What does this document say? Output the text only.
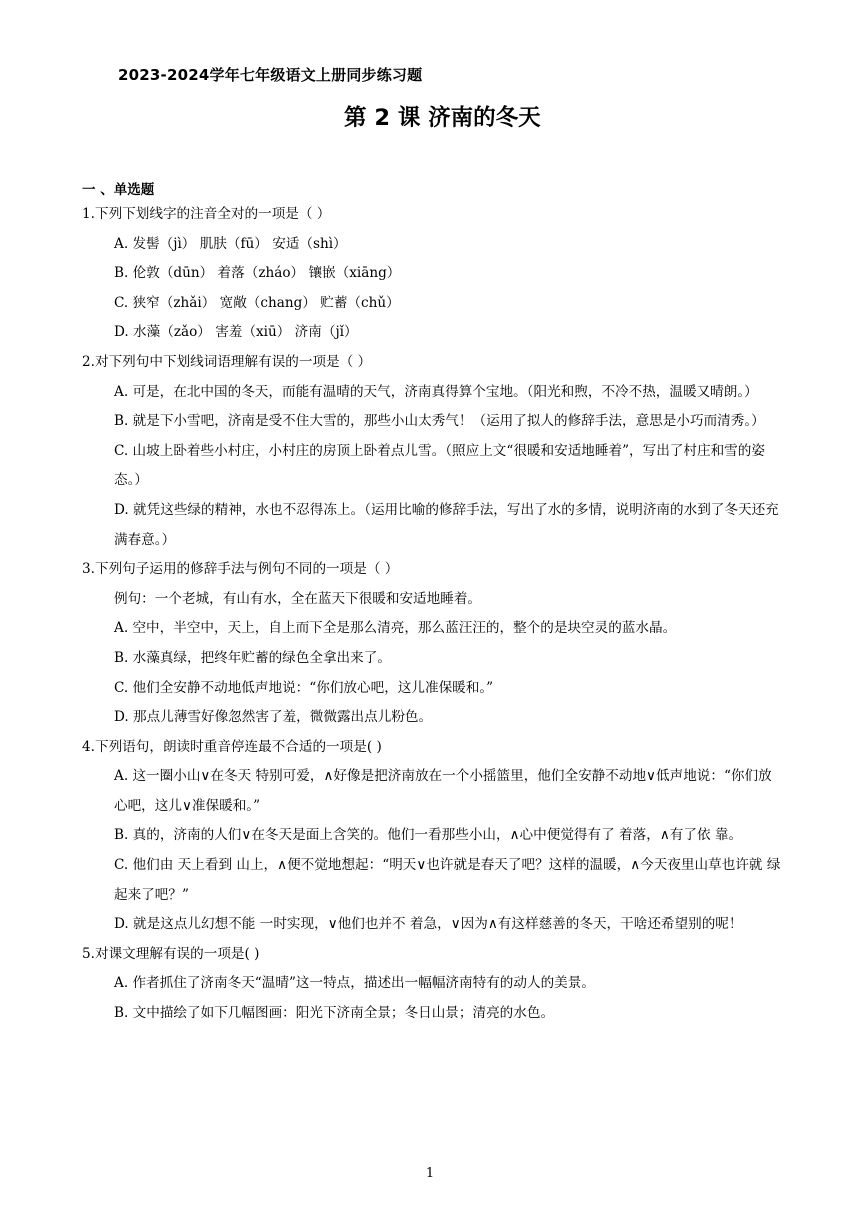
2023-2024学年七年级语文上册同步练习题
第 2 课 济南的冬天
一 、单选题
1.下列下划线字的注音全对的一项是（ ）
A. 发髻（jì） 肌肤（fū） 安适（shì）
B. 伦敦（dūn） 着落（zháo） 镶嵌（xiāng）
C. 狭窄（zhǎi） 宽敞（chang） 贮蓄（chǔ）
D. 水藻（zǎo） 害羞（xiū） 济南（jǐ）
2.对下列句中下划线词语理解有误的一项是（ ）
A. 可是，在北中国的冬天，而能有温晴的天气，济南真得算个宝地。（阳光和煦，不冷不热，温暖又晴朗。）
B. 就是下小雪吧，济南是受不住大雪的，那些小山太秀气！（运用了拟人的修辞手法，意思是小巧而清秀。）
C. 山坡上卧着些小村庄，小村庄的房顶上卧着点儿雪。（照应上文“很暖和安适地睡着”，写出了村庄和雪的姿态。）
D. 就凭这些绿的精神，水也不忍得冻上。（运用比喻的修辞手法，写出了水的多情，说明济南的水到了冬天还充满春意。）
3.下列句子运用的修辞手法与例句不同的一项是（ ）
例句：一个老城，有山有水，全在蓝天下很暖和安适地睡着。
A. 空中，半空中，天上，自上而下全是那么清亮，那么蓝汪汪的，整个的是块空灵的蓝水晶。
B. 水藻真绿，把终年贮蓄的绿色全拿出来了。
C. 他们全安静不动地低声地说：“你们放心吧，这儿准保暖和。”
D. 那点儿薄雪好像忽然害了羞，微微露出点儿粉色。
4.下列语句，朗读时重音停连最不合适的一项是( )
A. 这一圈小山∨在冬天 特别可爱，∧好像是把济南放在一个小摇篮里，他们全安静不动地∨低声地说：“你们放心吧，这儿∨准保暖和。”
B. 真的，济南的人们∨在冬天是面上含笑的。他们一看那些小山，∧心中便觉得有了 着落，∧有了依 靠。
C. 他们由 天上看到 山上，∧便不觉地想起：“明天∨也许就是春天了吧？这样的温暖，∧今天夜里山草也许就 绿起来了吧？”
D. 就是这点儿幻想不能 一时实现，∨他们也并不 着急，∨因为∧有这样慈善的冬天，干啥还希望别的呢！
5.对课文理解有误的一项是( )
A. 作者抓住了济南冬天“温晴”这一特点，描述出一幅幅济南特有的动人的美景。
B. 文中描绘了如下几幅图画：阳光下济南全景；冬日山景；清亮的水色。
1
